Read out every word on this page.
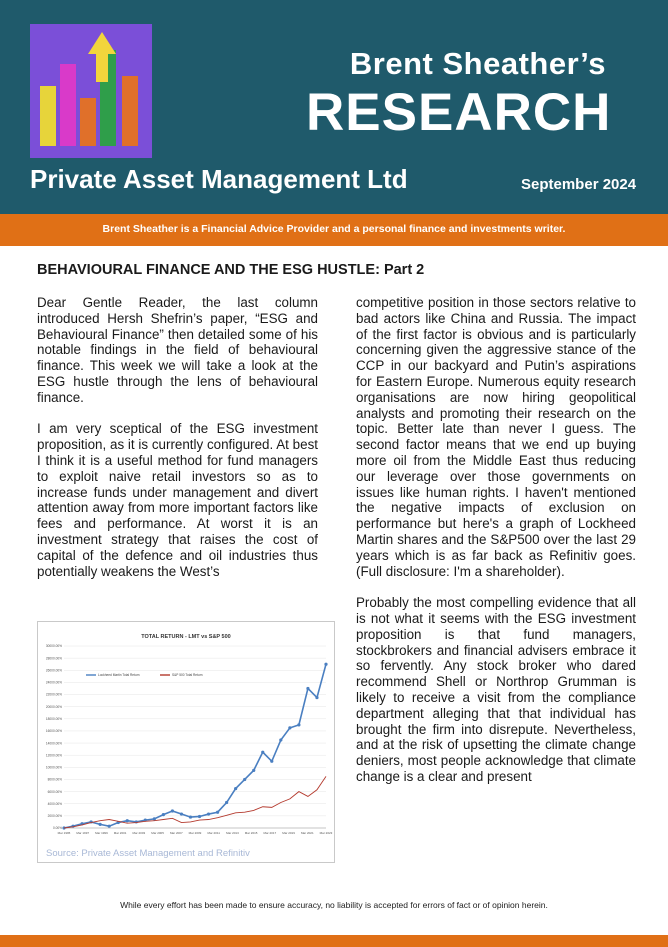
Brent Sheather’s
RESEARCH
Private Asset Management Ltd	September 2024
Brent Sheather is a Financial Advice Provider and a personal finance and investments writer.
BEHAVIOURAL FINANCE AND THE ESG HUSTLE: Part 2

Dear Gentle Reader, the last column introduced Hersh Shefrin’s paper, “ESG and Behavioural Finance” then detailed some of his notable findings in the field of behavioural finance. This week we will take a look at the ESG hustle through the lens of behavioural finance.

I am very sceptical of the ESG investment proposition, as it is currently configured. At best I think it is a useful method for fund managers to exploit naive retail investors so as to increase funds under management and divert attention away from more important factors like fees and performance. At worst it is an investment strategy that raises the cost of capital of the defence and oil industries thus potentially weakens the West’s

competitive position in those sectors relative to bad actors like China and Russia. The impact of the first factor is obvious and is particularly concerning given the aggressive stance of the CCP in our backyard and Putin’s aspirations for Eastern Europe. Numerous equity research organisations are now hiring geopolitical analysts and promoting their research on the topic. Better late than never I guess. The second factor means that we end up buying more oil from the Middle East thus reducing our leverage over those governments on issues like human rights. I haven't mentioned the negative impacts of exclusion on performance but here's a graph of Lockheed Martin shares and the S&P500 over the last 29 years which is as far back as Refinitiv goes. (Full disclosure: I'm a shareholder).

Probably the most compelling evidence that all is not what it seems with the ESG investment proposition is that fund managers, stockbrokers and financial advisers embrace it so fervently. Any stock broker who dared recommend Shell or Northrop Grumman is likely to receive a visit from the compliance department alleging that that individual has brought the firm into disrepute. Nevertheless, and at the risk of upsetting the climate change deniers, most people acknowledge that climate change is a clear and present

TOTAL RETURN - LMT vs S&P 500
0.00%
2000.00%
4000.00%
6000.00%
8000.00%
10000.00%
12000.00%
14000.00%
16000.00%
18000.00%
20000.00%
22000.00%
24000.00%
26000.00%
28000.00%
30000.00%
Mar 1995 Mar 1997 Mar 1999 Mar 2001 Mar 2003 Mar 2005 Mar 2007 Mar 2009 Mar 2011 Mar 2013 Mar 2015 Mar 2017 Mar 2019 Mar 2021 Mar 2023
Lockheed Martin Total Return	S&P 500 Total Return
Source: Private Asset Management and Refinitiv
While every effort has been made to ensure accuracy, no liability is accepted for errors of fact or of opinion herein.
